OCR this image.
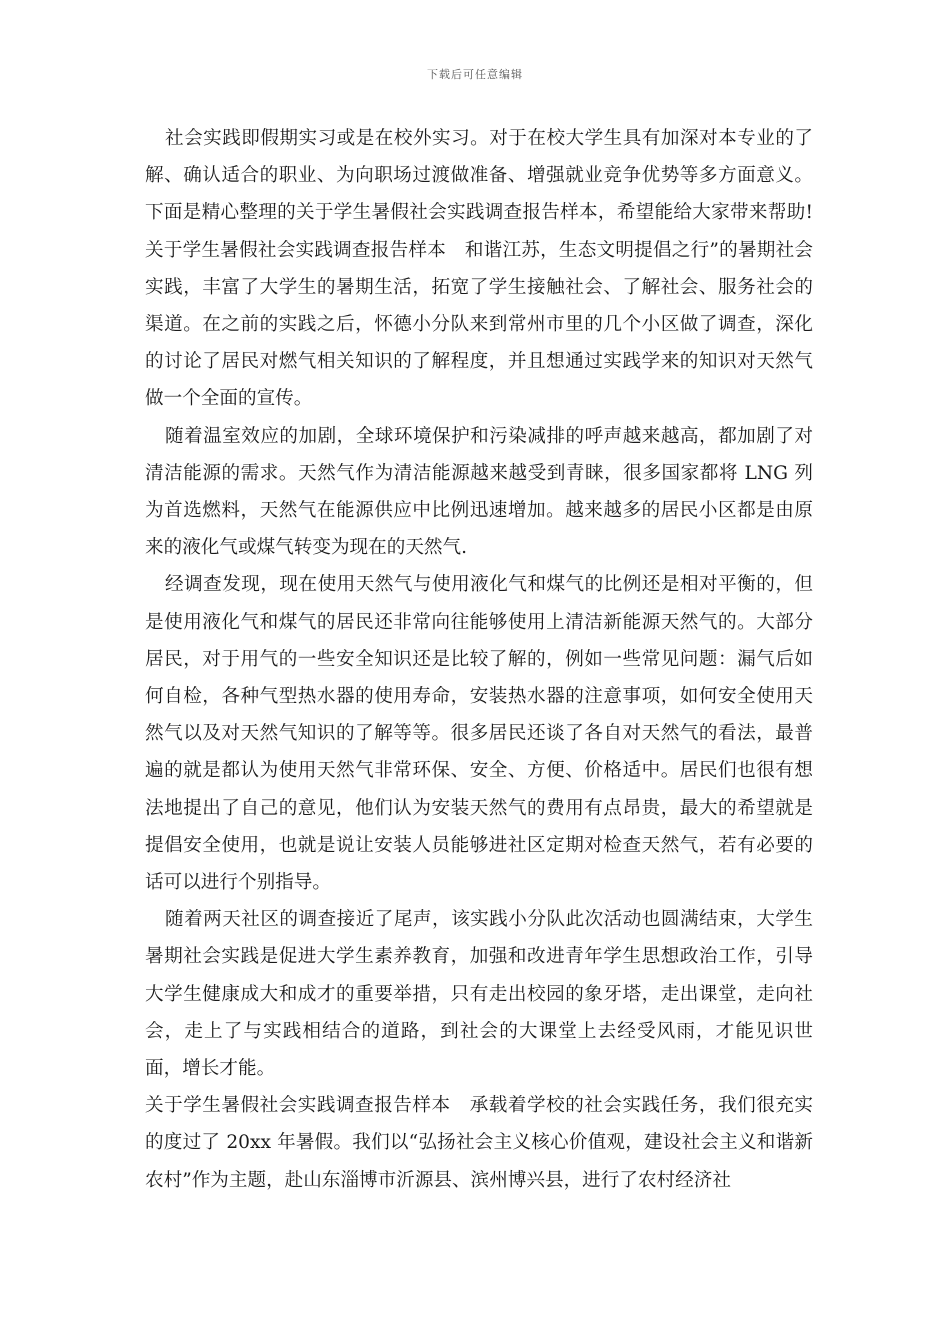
下载后可任意编辑

社会实践即假期实习或是在校外实习。对于在校大学生具有加深对本专业的了解、确认适合的职业、为向职场过渡做准备、增强就业竞争优势等多方面意义。下面是精心整理的关于学生暑假社会实践调查报告样本，希望能给大家带来帮助!关于学生暑假社会实践调查报告样本　和谐江苏，生态文明提倡之行”的暑期社会实践，丰富了大学生的暑期生活，拓宽了学生接触社会、了解社会、服务社会的渠道。在之前的实践之后，怀德小分队来到常州市里的几个小区做了调查，深化的讨论了居民对燃气相关知识的了解程度，并且想通过实践学来的知识对天然气做一个全面的宣传。

随着温室效应的加剧，全球环境保护和污染减排的呼声越来越高，都加剧了对清洁能源的需求。天然气作为清洁能源越来越受到青睐，很多国家都将 LNG 列为首选燃料，天然气在能源供应中比例迅速增加。越来越多的居民小区都是由原来的液化气或煤气转变为现在的天然气.

经调查发现，现在使用天然气与使用液化气和煤气的比例还是相对平衡的，但是使用液化气和煤气的居民还非常向往能够使用上清洁新能源天然气的。大部分居民，对于用气的一些安全知识还是比较了解的，例如一些常见问题：漏气后如何自检，各种气型热水器的使用寿命，安装热水器的注意事项，如何安全使用天然气以及对天然气知识的了解等等。很多居民还谈了各自对天然气的看法，最普遍的就是都认为使用天然气非常环保、安全、方便、价格适中。居民们也很有想法地提出了自己的意见，他们认为安装天然气的费用有点昂贵，最大的希望就是提倡安全使用，也就是说让安装人员能够进社区定期对检查天然气，若有必要的话可以进行个别指导。

随着两天社区的调查接近了尾声，该实践小分队此次活动也圆满结束，大学生暑期社会实践是促进大学生素养教育，加强和改进青年学生思想政治工作，引导大学生健康成大和成才的重要举措，只有走出校园的象牙塔，走出课堂，走向社会，走上了与实践相结合的道路，到社会的大课堂上去经受风雨，才能见识世面，增长才能。

关于学生暑假社会实践调查报告样本　承载着学校的社会实践任务，我们很充实的度过了 20xx 年暑假。我们以“弘扬社会主义核心价值观，建设社会主义和谐新农村”作为主题，赴山东淄博市沂源县、滨州博兴县，进行了农村经济社
